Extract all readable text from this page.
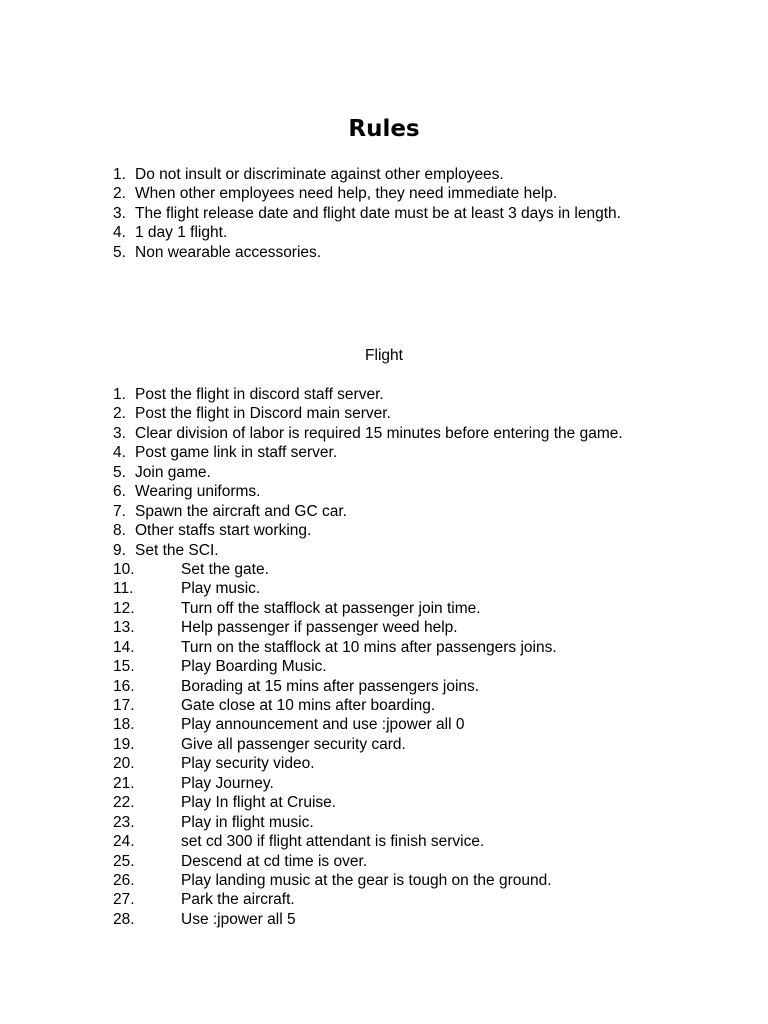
Rules
1. Do not insult or discriminate against other employees.
2. When other employees need help, they need immediate help.
3. The flight release date and flight date must be at least 3 days in length.
4. 1 day 1 flight.
5. Non wearable accessories.
Flight
1. Post the flight in discord staff server.
2. Post the flight in Discord main server.
3. Clear division of labor is required 15 minutes before entering the game.
4. Post game link in staff server.
5. Join game.
6. Wearing uniforms.
7. Spawn the aircraft and GC car.
8. Other staffs start working.
9. Set the SCI.
10.	Set the gate.
11.	Play music.
12.	Turn off the stafflock at passenger join time.
13.	Help passenger if passenger weed help.
14.	Turn on the stafflock at 10 mins after passengers joins.
15.	Play Boarding Music.
16.	Borading at 15 mins after passengers joins.
17.	Gate close at 10 mins after boarding.
18.	Play announcement and use :jpower all 0
19.	Give all passenger security card.
20.	Play security video.
21.	Play Journey.
22.	Play In flight at Cruise.
23.	Play in flight music.
24.	set cd 300 if flight attendant is finish service.
25.	Descend at cd time is over.
26.	Play landing music at the gear is tough on the ground.
27.	Park the aircraft.
28.	Use :jpower all 5
